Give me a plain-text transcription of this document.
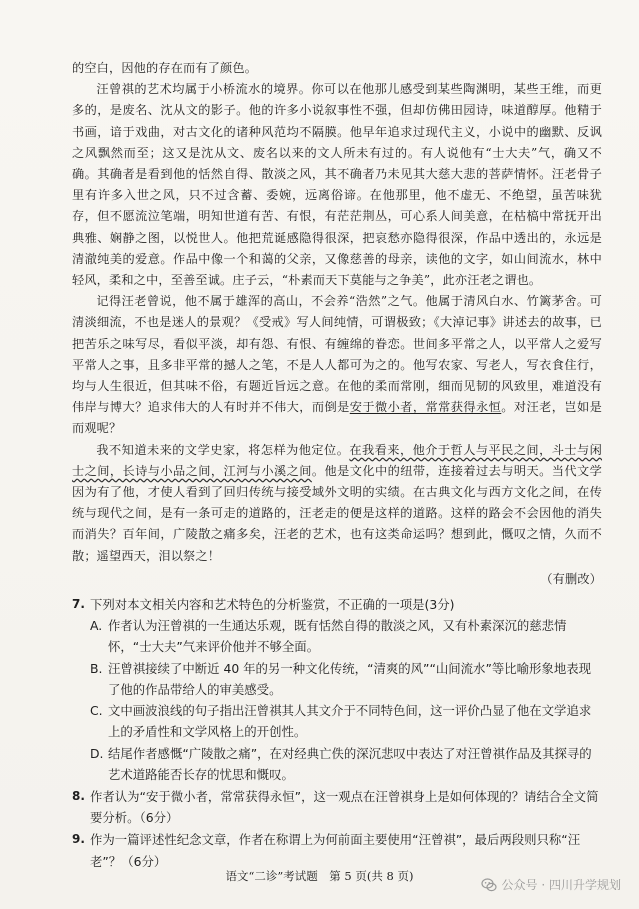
的空白，因他的存在而有了颜色。

汪曾祺的艺术均属于小桥流水的境界。你可以在他那儿感受到某些陶渊明，某些王维，而更多的，是废名、沈从文的影子。他的许多小说叙事性不强，但却仿佛田园诗，味道醇厚。他精于书画，谙于戏曲，对古文化的诸种风范均不隔膜。他早年追求过现代主义，小说中的幽默、反讽之风飘然而至；这又是沈从文、废名以来的文人所未有过的。有人说他有“士大夫”气，确又不确。其确者是看到他的恬然自得、散淡之风，其不确者乃未见其大慈大悲的菩萨情怀。汪老骨子里有许多入世之风，只不过含蓄、委婉，远离俗谛。在他那里，他不虚无、不绝望，虽苦味犹存，但不愿流泣笔端，明知世道有苦、有恨，有茫茫荆丛，可心系人间美意，在枯槁中常抚开出典雅、娴静之图，以悦世人。他把荒诞感隐得很深，把哀愁亦隐得很深，作品中透出的，永远是清澈纯美的爱意。作品中像一个和蔼的父亲，又像慈善的母亲，读他的文字，如山间流水，林中轻风，柔和之中，至善至诚。庄子云，“朴素而天下莫能与之争美”，此亦汪老之谓也。

记得汪老曾说，他不属于雄浑的高山，不会养“浩然”之气。他属于清风白水、竹篱茅舍。可清淡细流，不也是迷人的景观？《受戒》写人间纯情，可谓极致；《大淖记事》讲述去的故事，已把苦乐之味写尽，看似平淡，却有怨、有恨、有缠绵的眷恋。世间多平常之人，以平常人之爱写平常人之事，且多非平常的撼人之笔，不是人人都可为之的。他写农家、写老人，写衣食住行，均与人生很近，但其味不俗，有题近旨远之意。在他的柔而常刚，细而见韧的风致里，难道没有伟岸与博大？追求伟大的人有时并不伟大，而倒是安于微小者，常常获得永恒。对汪老，岂如是而观呢？

我不知道未来的文学史家，将怎样为他定位。在我看来，他介于哲人与平民之间，斗士与闲士之间，长诗与小品之间，江河与小溪之间。他是文化中的纽带，连接着过去与明天。当代文学因为有了他，才使人看到了回归传统与接受域外文明的实绩。在古典文化与西方文化之间，在传统与现代之间，是有一条可走的道路的，汪老走的便是这样的道路。这样的路会不会因他的消失而消失？百年间，广陵散之痛多矣，汪老的艺术，也有这类命运吗？想到此，慨叹之情，久而不散；遥望西天，泪以祭之！

（有删改）

7. 下列对本文相关内容和艺术特色的分析鉴赏，不正确的一项是(3分)
A. 作者认为汪曾祺的一生通达乐观，既有恬然自得的散淡之风，又有朴素深沉的慈悲情怀，“士大夫”气来评价他并不够全面。
B. 汪曾祺接续了中断近 40 年的另一种文化传统，“清爽的风”“山间流水”等比喻形象地表现了他的作品带给人的审美感受。
C. 文中画波浪线的句子指出汪曾祺其人其文介于不同特色间，这一评价凸显了他在文学追求上的矛盾性和文学风格上的开创性。
D. 结尾作者感慨“广陵散之痛”，在对经典亡佚的深沉悲叹中表达了对汪曾祺作品及其探寻的艺术道路能否长存的忧思和慨叹。
8. 作者认为“安于微小者，常常获得永恒”，这一观点在汪曾祺身上是如何体现的？请结合全文简要分析。（6分）
9. 作为一篇评述性纪念文章，作者在称谓上为何前面主要使用“汪曾祺”，最后两段则只称“汪老”？（6分）
语文“二诊”考试题　第 5 页(共 8 页)
公众号 · 四川升学规划
